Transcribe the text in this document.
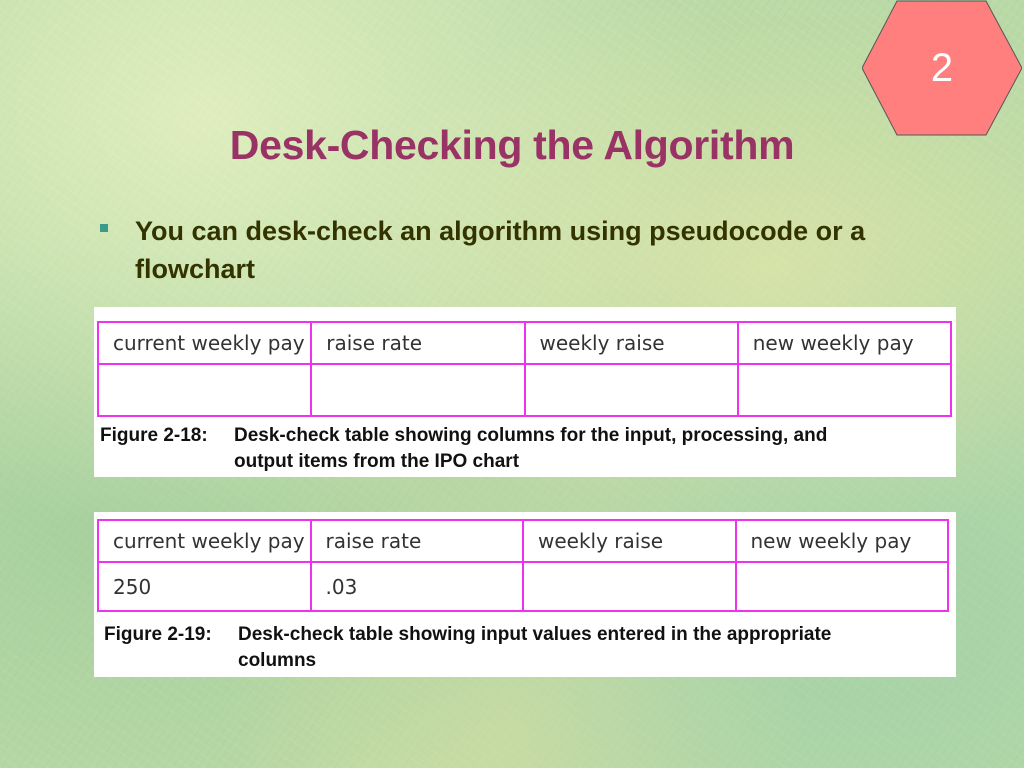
2
Desk-Checking the Algorithm
You can desk-check an algorithm using pseudocode or a flowchart
current weekly pay	raise rate	weekly raise	new weekly pay

Figure 2-18: Desk-check table showing columns for the input, processing, and
output items from the IPO chart
current weekly pay	raise rate	weekly raise	new weekly pay
250	.03		
Figure 2-19: Desk-check table showing input values entered in the appropriate
columns
